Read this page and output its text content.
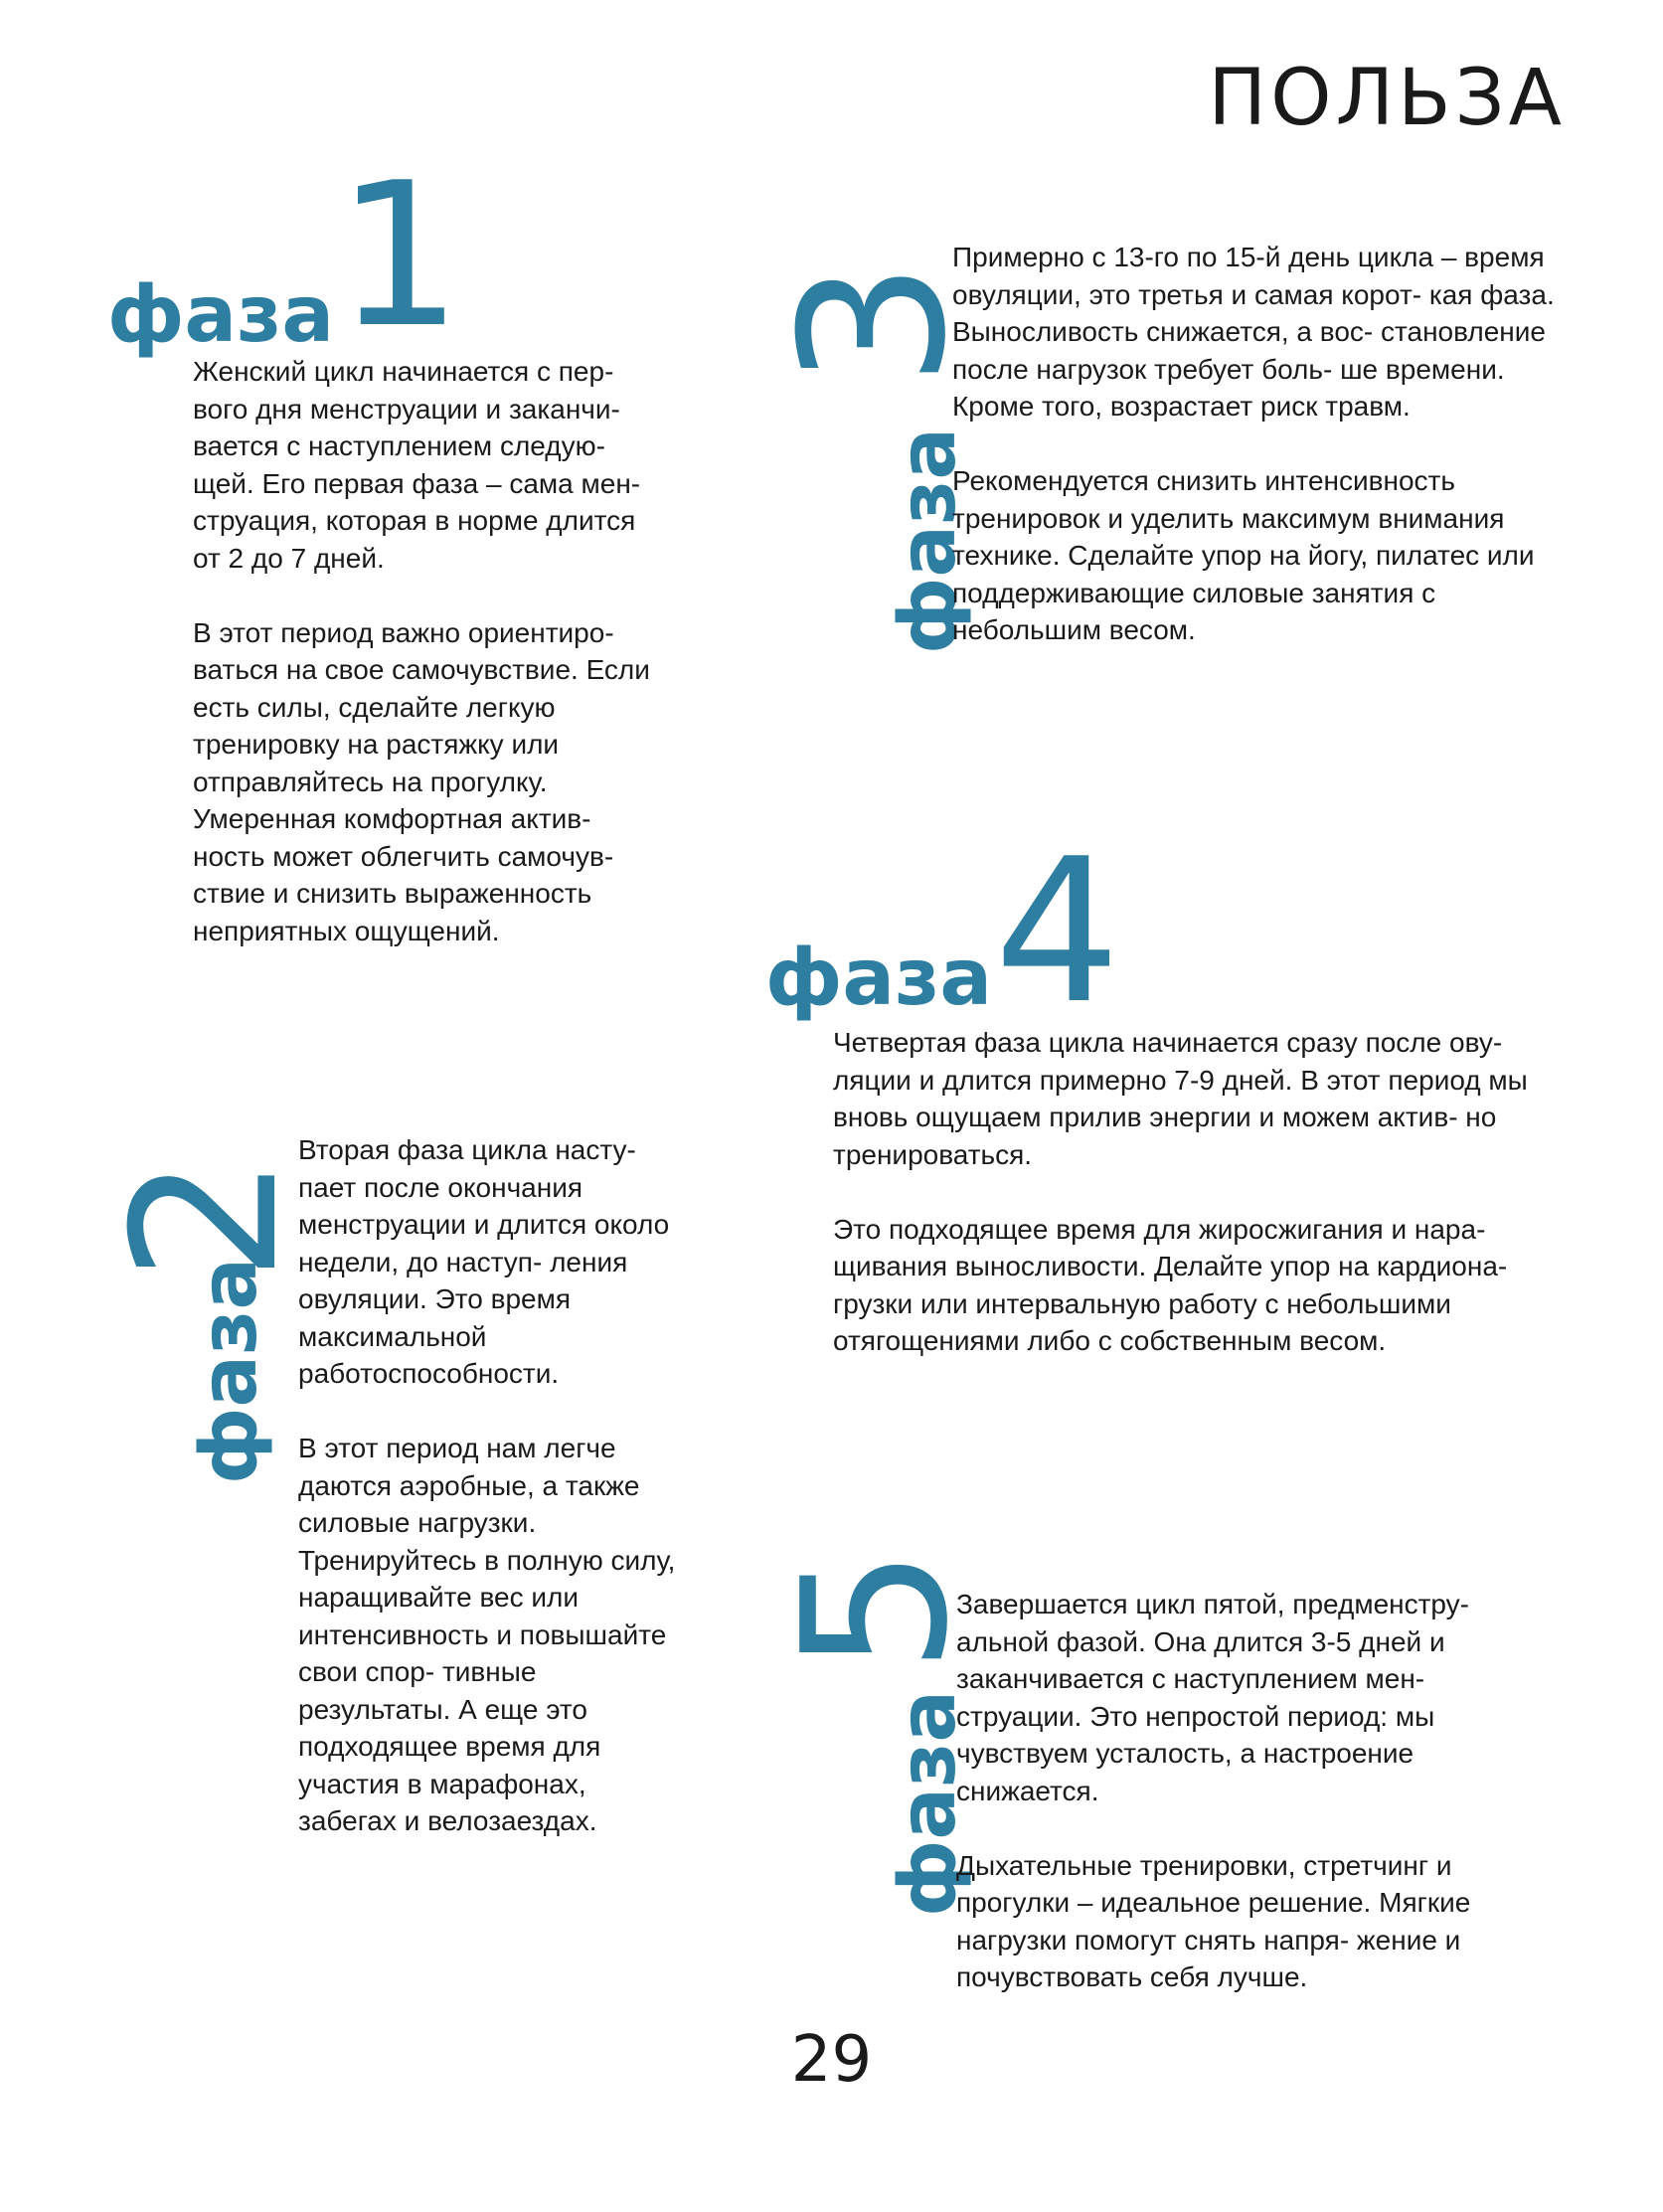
ПОЛЬЗА
фаза 1

Женский цикл начинается с пер- вого дня менструации и заканчи- вается с наступлением следую- щей. Его первая фаза – сама мен- струация, которая в норме длится от 2 до 7 дней.

В этот период важно ориентиро- ваться на свое самочувствие. Если есть силы, сделайте легкую тренировку на растяжку или отправляйтесь на прогулку. Умеренная комфортная актив- ность может облегчить самочув- ствие и снизить выраженность неприятных ощущений.

фаза
2

Вторая фаза цикла насту- пает после окончания менструации и длится около недели, до наступ- ления овуляции. Это время максимальной работоспособности.

В этот период нам легче даются аэробные, а также силовые нагрузки. Тренируйтесь в полную силу, наращивайте вес или интенсивность и повышайте свои спор- тивные результаты. А еще это подходящее время для участия в марафонах, забегах и велозаездах.

фаза
3

Примерно с 13-го по 15-й день цикла – время овуляции, это третья и самая корот- кая фаза. Выносливость снижается, а вос- становление после нагрузок требует боль- ше времени. Кроме того, возрастает риск травм.

Рекомендуется снизить интенсивность тренировок и уделить максимум внимания технике. Сделайте упор на йогу, пилатес или поддерживающие силовые занятия с небольшим весом.

фаза 4

Четвертая фаза цикла начинается сразу после ову- ляции и длится примерно 7-9 дней. В этот период мы вновь ощущаем прилив энергии и можем актив- но тренироваться.

Это подходящее время для жиросжигания и нара- щивания выносливости. Делайте упор на кардиона- грузки или интервальную работу с небольшими отягощениями либо с собственным весом.

фаза
5

Завершается цикл пятой, предменстру- альной фазой. Она длится 3-5 дней и заканчивается с наступлением мен- струации. Это непростой период: мы чувствуем усталость, а настроение снижается.

Дыхательные тренировки, стретчинг и прогулки – идеальное решение. Мягкие нагрузки помогут снять напря- жение и почувствовать себя лучше.

29
